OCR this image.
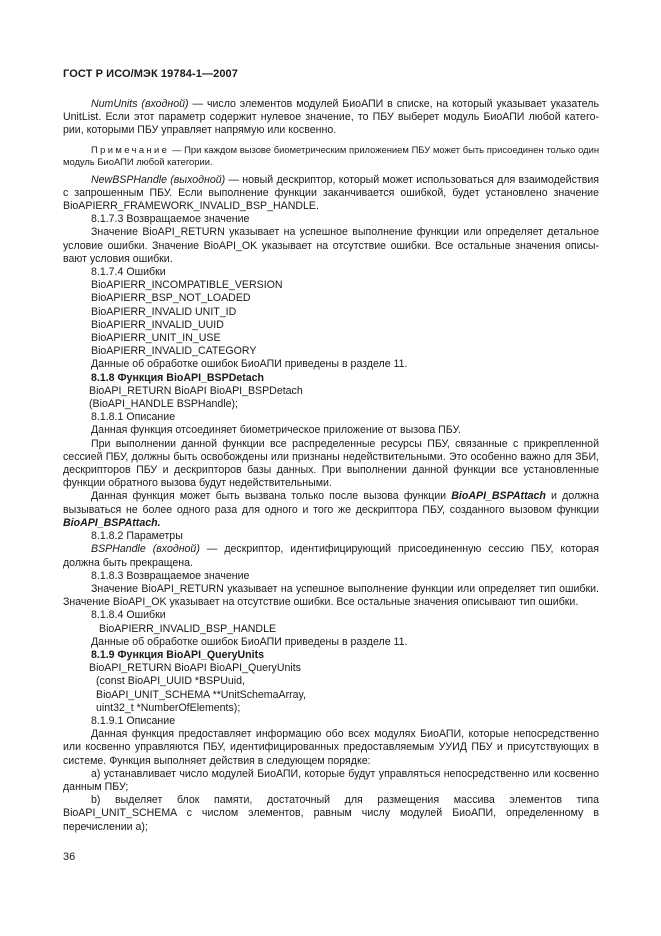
ГОСТ Р ИСО/МЭК 19784-1—2007

NumUnits (входной) — число элементов модулей БиоАПИ в списке, на который указывает указатель UnitList. Если этот параметр содержит нулевое значение, то ПБУ выберет модуль БиоАПИ любой категории, которыми ПБУ управляет напрямую или косвенно.

Примечание — При каждом вызове биометрическим приложением ПБУ может быть присоединен только один модуль БиоАПИ любой категории.

NewBSPHandle (выходной) — новый дескриптор, который может использоваться для взаимодействия с запрошенным ПБУ. Если выполнение функции заканчивается ошибкой, будет установлено значение BioAPIERR_FRAMEWORK_INVALID_BSP_HANDLE.

8.1.7.3 Возвращаемое значение

Значение BioAPI_RETURN указывает на успешное выполнение функции или определяет детальное условие ошибки. Значение BioAPI_OK указывает на отсутствие ошибки. Все остальные значения описывают условия ошибки.

8.1.7.4 Ошибки

BioAPIERR_INCOMPATIBLE_VERSION

BioAPIERR_BSP_NOT_LOADED

BioAPIERR_INVALID UNIT_ID

BioAPIERR_INVALID_UUID

BioAPIERR_UNIT_IN_USE

BioAPIERR_INVALID_CATEGORY

Данные об обработке ошибок БиоАПИ приведены в разделе 11.

8.1.8 Функция BioAPI_BSPDetach

BioAPI_RETURN BioAPI BioAPI_BSPDetach

(BioAPI_HANDLE BSPHandle);

8.1.8.1 Описание

Данная функция отсоединяет биометрическое приложение от вызова ПБУ.

При выполнении данной функции все распределенные ресурсы ПБУ, связанные с прикрепленной сессией ПБУ, должны быть освобождены или признаны недействительными. Это особенно важно для ЗБИ, дескрипторов ПБУ и дескрипторов базы данных. При выполнении данной функции все установленные функции обратного вызова будут недействительными.

Данная функция может быть вызвана только после вызова функции BioAPI_BSPAttach и должна вызываться не более одного раза для одного и того же дескриптора ПБУ, созданного вызовом функции BioAPI_BSPAttach.

8.1.8.2 Параметры

BSPHandle (входной) — дескриптор, идентифицирующий присоединенную сессию ПБУ, которая должна быть прекращена.

8.1.8.3 Возвращаемое значение

Значение BioAPI_RETURN указывает на успешное выполнение функции или определяет тип ошибки. Значение BioAPI_OK указывает на отсутствие ошибки. Все остальные значения описывают тип ошибки.

8.1.8.4 Ошибки

BioAPIERR_INVALID_BSP_HANDLE

Данные об обработке ошибок БиоАПИ приведены в разделе 11.

8.1.9 Функция BioAPI_QueryUnits

BioAPI_RETURN BioAPI BioAPI_QueryUnits

(const BioAPI_UUID *BSPUuid,

BioAPI_UNIT_SCHEMA **UnitSchemaArray,

uint32_t *NumberOfElements);

8.1.9.1 Описание

Данная функция предоставляет информацию обо всех модулях БиоАПИ, которые непосредственно или косвенно управляются ПБУ, идентифицированных предоставляемым УУИД ПБУ и присутствующих в системе. Функция выполняет действия в следующем порядке:

а) устанавливает число модулей БиоАПИ, которые будут управляться непосредственно или косвенно данным ПБУ;

b) выделяет блок памяти, достаточный для размещения массива элементов типа BioAPI_UNIT_SCHEMA с числом элементов, равным числу модулей БиоАПИ, определенному в перечислении а);

36
